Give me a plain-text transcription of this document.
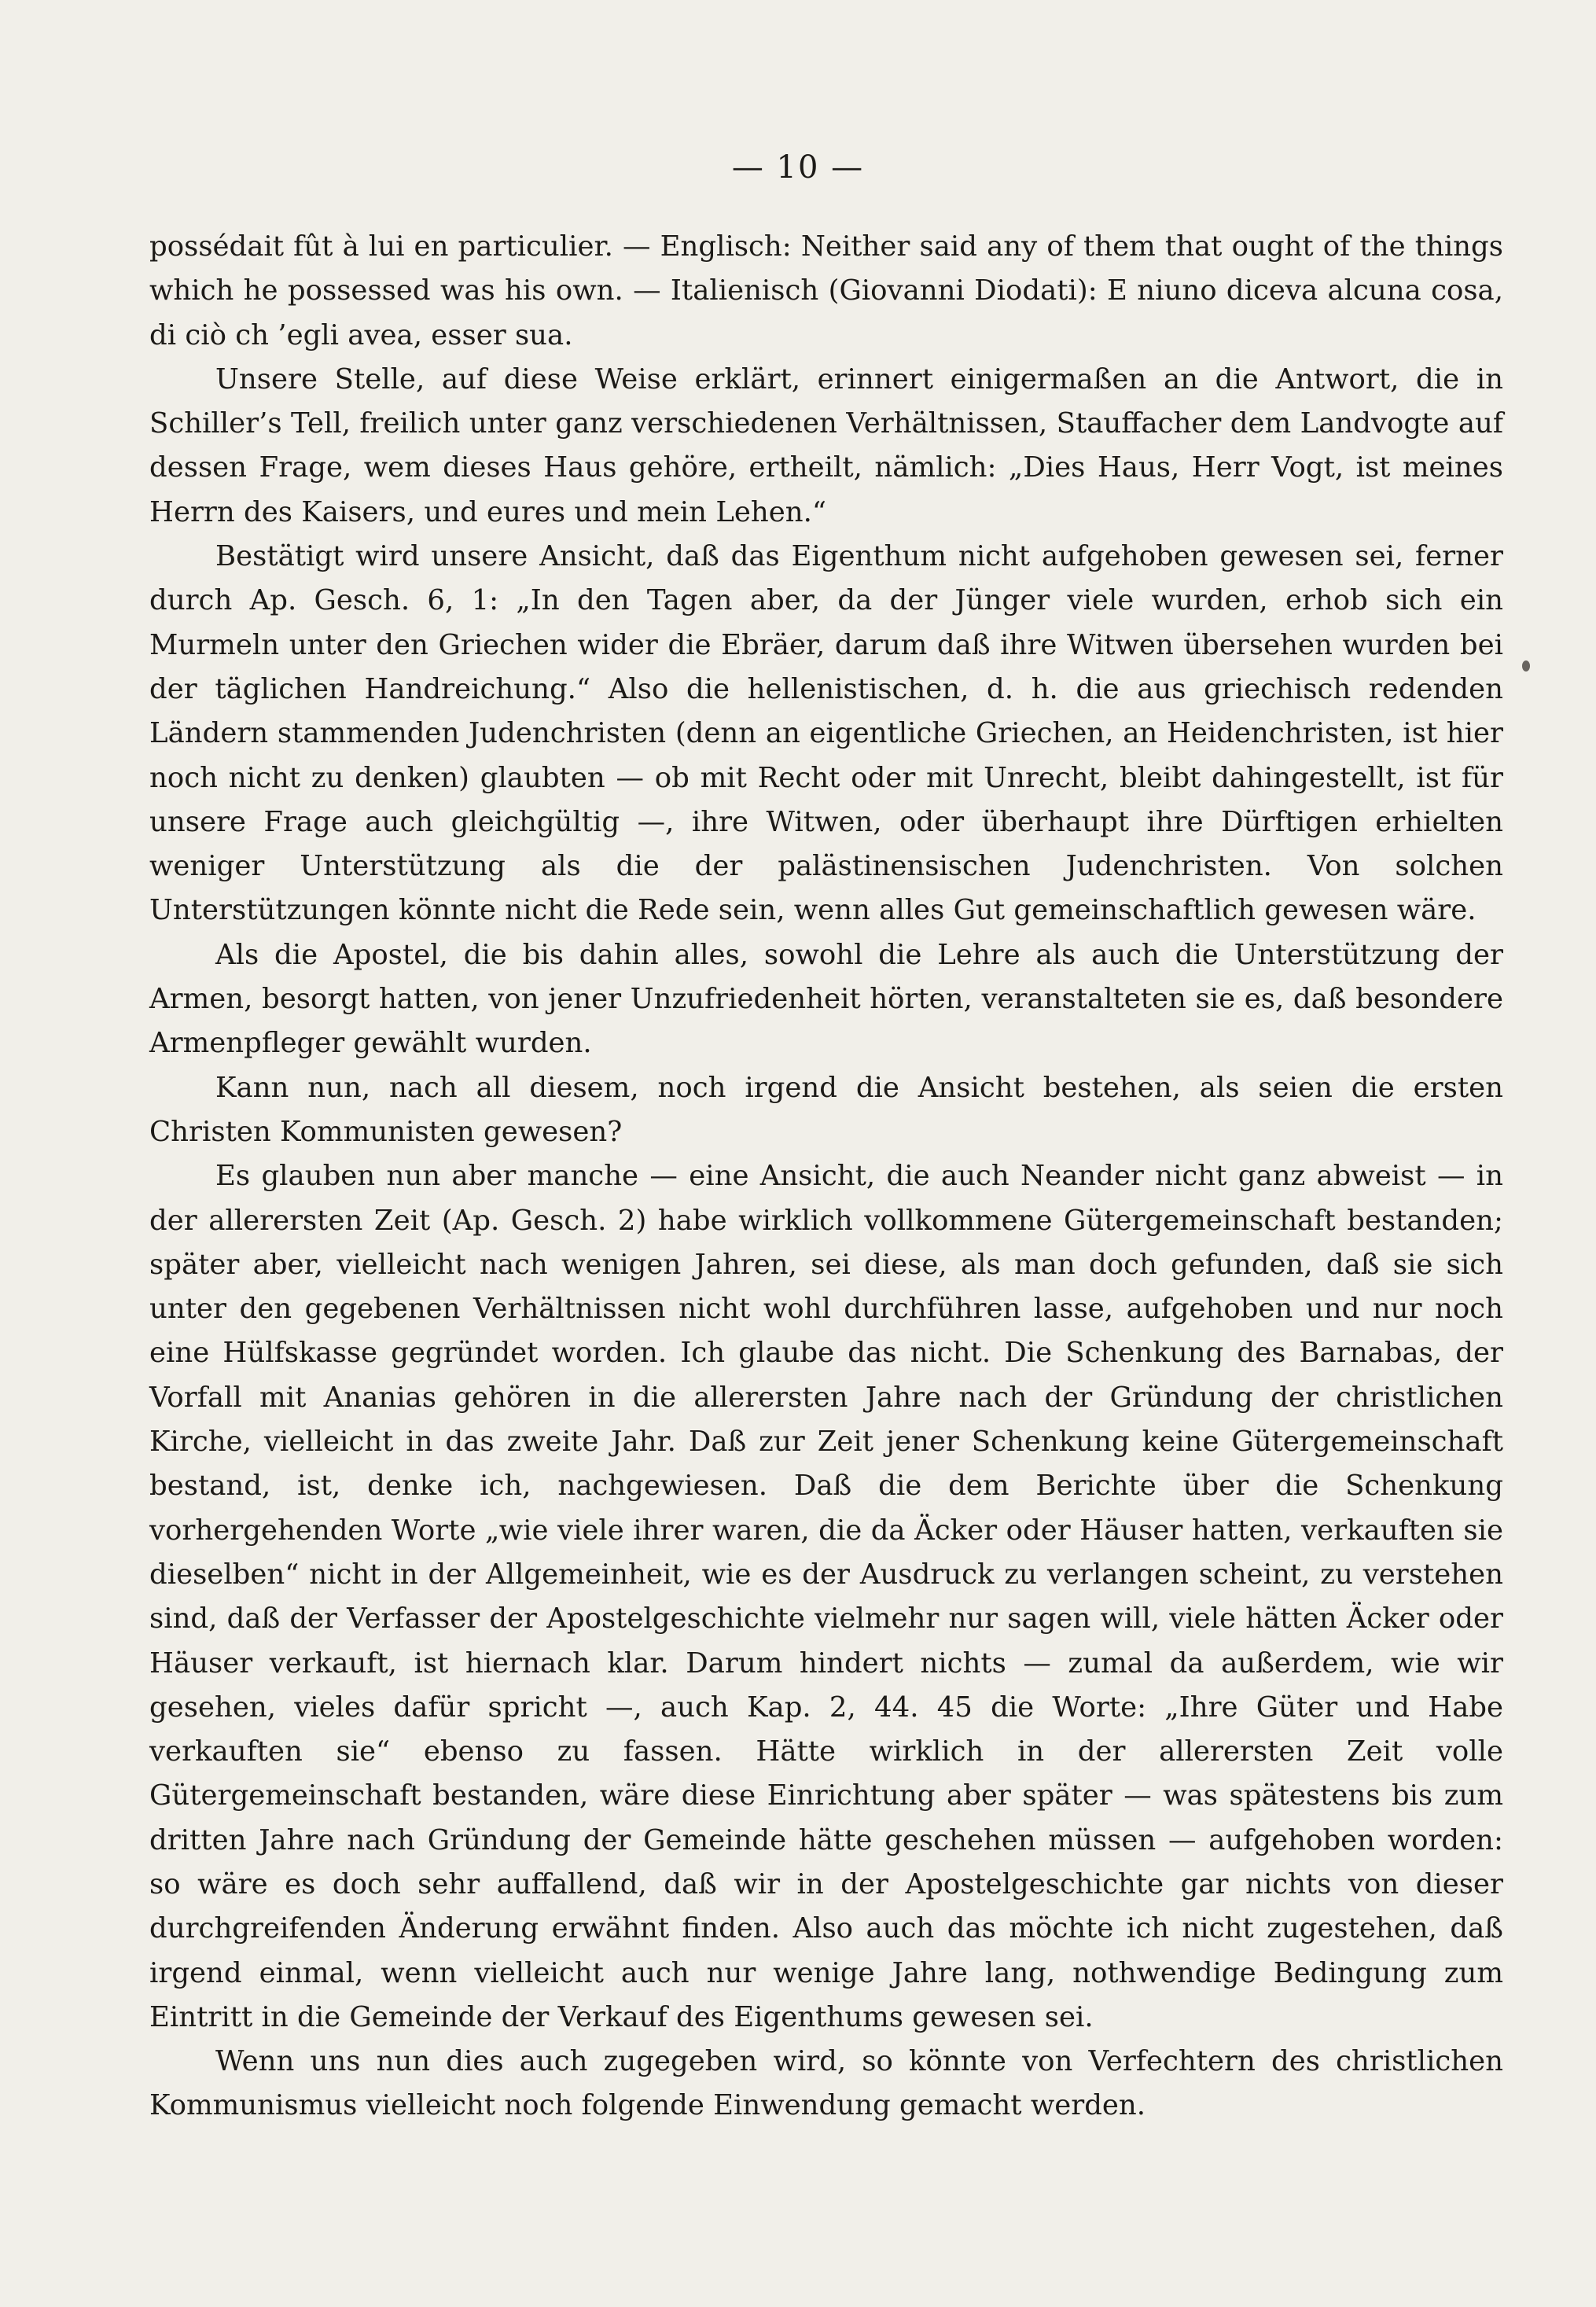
— 10 —

possédait fût à lui en particulier. — Englisch: Neither said any of them that ought of the things which he possessed was his own. — Italienisch (Giovanni Diodati): E niuno diceva alcuna cosa, di ciò ch ’egli avea, esser sua.

Unsere Stelle, auf diese Weise erklärt, erinnert einigermaßen an die Antwort, die in Schiller’s Tell, freilich unter ganz verschiedenen Verhältnissen, Stauffacher dem Landvogte auf dessen Frage, wem dieses Haus gehöre, ertheilt, nämlich: „Dies Haus, Herr Vogt, ist meines Herrn des Kaisers, und eures und mein Lehen.“

Bestätigt wird unsere Ansicht, daß das Eigenthum nicht aufgehoben gewesen sei, ferner durch Ap. Gesch. 6, 1: „In den Tagen aber, da der Jünger viele wurden, erhob sich ein Murmeln unter den Griechen wider die Ebräer, darum daß ihre Witwen übersehen wurden bei der täglichen Handreichung.“ Also die hellenistischen, d. h. die aus griechisch redenden Ländern stammenden Judenchristen (denn an eigentliche Griechen, an Heidenchristen, ist hier noch nicht zu denken) glaubten — ob mit Recht oder mit Unrecht, bleibt dahingestellt, ist für unsere Frage auch gleichgültig —, ihre Witwen, oder überhaupt ihre Dürftigen erhielten weniger Unterstützung als die der palästinensischen Judenchristen. Von solchen Unterstützungen könnte nicht die Rede sein, wenn alles Gut gemeinschaftlich gewesen wäre.

Als die Apostel, die bis dahin alles, sowohl die Lehre als auch die Unterstützung der Armen, besorgt hatten, von jener Unzufriedenheit hörten, veranstalteten sie es, daß besondere Armenpfleger gewählt wurden.

Kann nun, nach all diesem, noch irgend die Ansicht bestehen, als seien die ersten Christen Kommunisten gewesen?

Es glauben nun aber manche — eine Ansicht, die auch Neander nicht ganz abweist — in der allerersten Zeit (Ap. Gesch. 2) habe wirklich vollkommene Gütergemeinschaft bestanden; später aber, vielleicht nach wenigen Jahren, sei diese, als man doch gefunden, daß sie sich unter den gegebenen Verhältnissen nicht wohl durchführen lasse, aufgehoben und nur noch eine Hülfskasse gegründet worden. Ich glaube das nicht. Die Schenkung des Barnabas, der Vorfall mit Ananias gehören in die allerersten Jahre nach der Gründung der christlichen Kirche, vielleicht in das zweite Jahr. Daß zur Zeit jener Schenkung keine Gütergemeinschaft bestand, ist, denke ich, nachgewiesen. Daß die dem Berichte über die Schenkung vorhergehenden Worte „wie viele ihrer waren, die da Äcker oder Häuser hatten, verkauften sie dieselben“ nicht in der Allgemeinheit, wie es der Ausdruck zu verlangen scheint, zu verstehen sind, daß der Verfasser der Apostelgeschichte vielmehr nur sagen will, viele hätten Äcker oder Häuser verkauft, ist hiernach klar. Darum hindert nichts — zumal da außerdem, wie wir gesehen, vieles dafür spricht —, auch Kap. 2, 44. 45 die Worte: „Ihre Güter und Habe verkauften sie“ ebenso zu fassen. Hätte wirklich in der allerersten Zeit volle Gütergemeinschaft bestanden, wäre diese Einrichtung aber später — was spätestens bis zum dritten Jahre nach Gründung der Gemeinde hätte geschehen müssen — aufgehoben worden: so wäre es doch sehr auffallend, daß wir in der Apostelgeschichte gar nichts von dieser durchgreifenden Änderung erwähnt finden. Also auch das möchte ich nicht zugestehen, daß irgend einmal, wenn vielleicht auch nur wenige Jahre lang, nothwendige Bedingung zum Eintritt in die Gemeinde der Verkauf des Eigenthums gewesen sei.

Wenn uns nun dies auch zugegeben wird, so könnte von Verfechtern des christlichen Kommunismus vielleicht noch folgende Einwendung gemacht werden.
